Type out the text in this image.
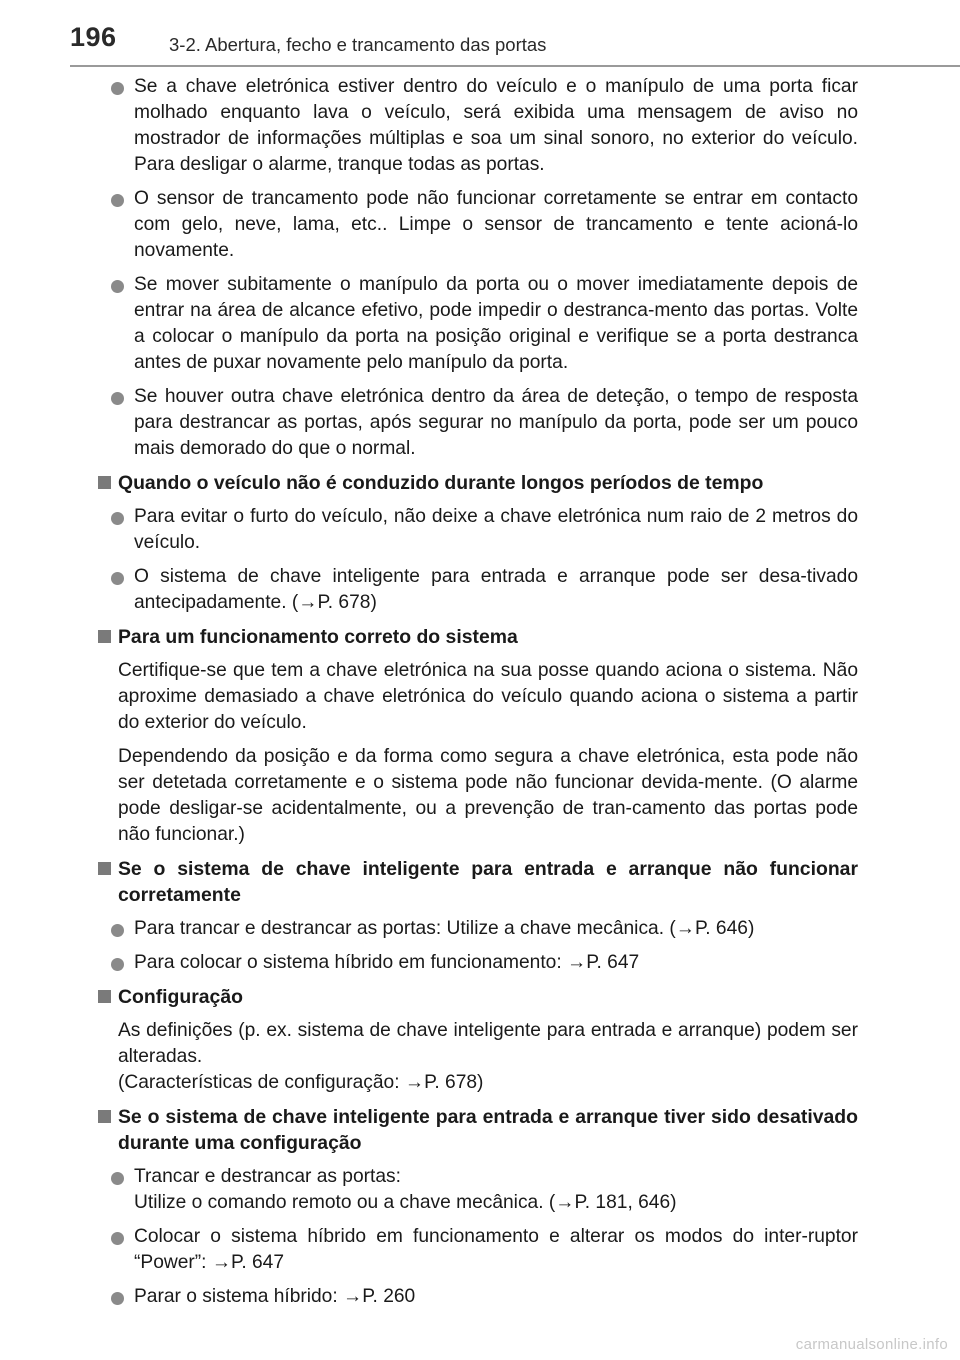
196	3-2. Abertura, fecho e trancamento das portas
Se a chave eletrónica estiver dentro do veículo e o manípulo de uma porta ficar molhado enquanto lava o veículo, será exibida uma mensagem de aviso no mostrador de informações múltiplas e soa um sinal sonoro, no exterior do veículo. Para desligar o alarme, tranque todas as portas.
O sensor de trancamento pode não funcionar corretamente se entrar em contacto com gelo, neve, lama, etc.. Limpe o sensor de trancamento e tente acioná-lo novamente.
Se mover subitamente o manípulo da porta ou o mover imediatamente depois de entrar na área de alcance efetivo, pode impedir o destranca-mento das portas. Volte a colocar o manípulo da porta na posição original e verifique se a porta destranca antes de puxar novamente pelo manípulo da porta.
Se houver outra chave eletrónica dentro da área de deteção, o tempo de resposta para destrancar as portas, após segurar no manípulo da porta, pode ser um pouco mais demorado do que o normal.
Quando o veículo não é conduzido durante longos períodos de tempo
Para evitar o furto do veículo, não deixe a chave eletrónica num raio de 2 metros do veículo.
O sistema de chave inteligente para entrada e arranque pode ser desa-tivado antecipadamente. (→P. 678)
Para um funcionamento correto do sistema
Certifique-se que tem a chave eletrónica na sua posse quando aciona o sistema. Não aproxime demasiado a chave eletrónica do veículo quando aciona o sistema a partir do exterior do veículo.
Dependendo da posição e da forma como segura a chave eletrónica, esta pode não ser detetada corretamente e o sistema pode não funcionar devida-mente. (O alarme pode desligar-se acidentalmente, ou a prevenção de tran-camento das portas pode não funcionar.)
Se o sistema de chave inteligente para entrada e arranque não funcionar corretamente
Para trancar e destrancar as portas: Utilize a chave mecânica. (→P. 646)
Para colocar o sistema híbrido em funcionamento: →P. 647
Configuração
As definições (p. ex. sistema de chave inteligente para entrada e arranque) podem ser alteradas.
(Características de configuração: →P. 678)
Se o sistema de chave inteligente para entrada e arranque tiver sido desativado durante uma configuração
Trancar e destrancar as portas:
Utilize o comando remoto ou a chave mecânica. (→P. 181, 646)
Colocar o sistema híbrido em funcionamento e alterar os modos do inter-ruptor “Power”: →P. 647
Parar o sistema híbrido: →P. 260
carmanualsonline.info
